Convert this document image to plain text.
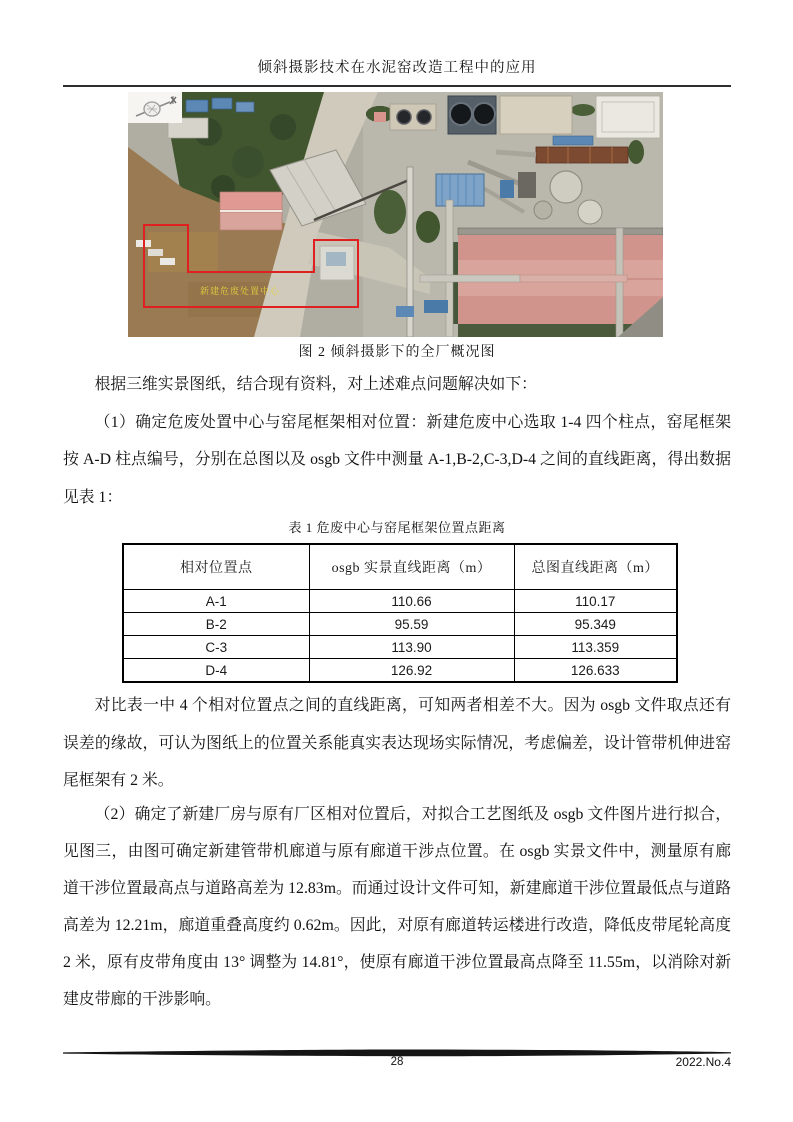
倾斜摄影技术在水泥窑改造工程中的应用
新建危废处置中心
图 2 倾斜摄影下的全厂概况图

根据三维实景图纸，结合现有资料，对上述难点问题解决如下：

（1）确定危废处置中心与窑尾框架相对位置：新建危废中心选取 1-4 四个柱点，窑尾框架按 A-D 柱点编号，分别在总图以及 osgb 文件中测量 A-1,B-2,C-3,D-4 之间的直线距离，得出数据见表 1：

表 1 危废中心与窑尾框架位置点距离
相对位置点	osgb 实景直线距离（m）	总图直线距离（m）
A-1	110.66	110.17
B-2	95.59	95.349
C-3	113.90	113.359
D-4	126.92	126.633

对比表一中 4 个相对位置点之间的直线距离，可知两者相差不大。因为 osgb 文件取点还有误差的缘故，可认为图纸上的位置关系能真实表达现场实际情况，考虑偏差，设计管带机伸进窑尾框架有 2 米。

（2）确定了新建厂房与原有厂区相对位置后，对拟合工艺图纸及 osgb 文件图片进行拟合，见图三，由图可确定新建管带机廊道与原有廊道干涉点位置。在 osgb 实景文件中，测量原有廊道干涉位置最高点与道路高差为 12.83m。而通过设计文件可知，新建廊道干涉位置最低点与道路高差为 12.21m，廊道重叠高度约 0.62m。因此，对原有廊道转运楼进行改造，降低皮带尾轮高度 2 米，原有皮带角度由 13° 调整为 14.81°，使原有廊道干涉位置最高点降至 11.55m，以消除对新建皮带廊的干涉影响。

28	2022.No.4
